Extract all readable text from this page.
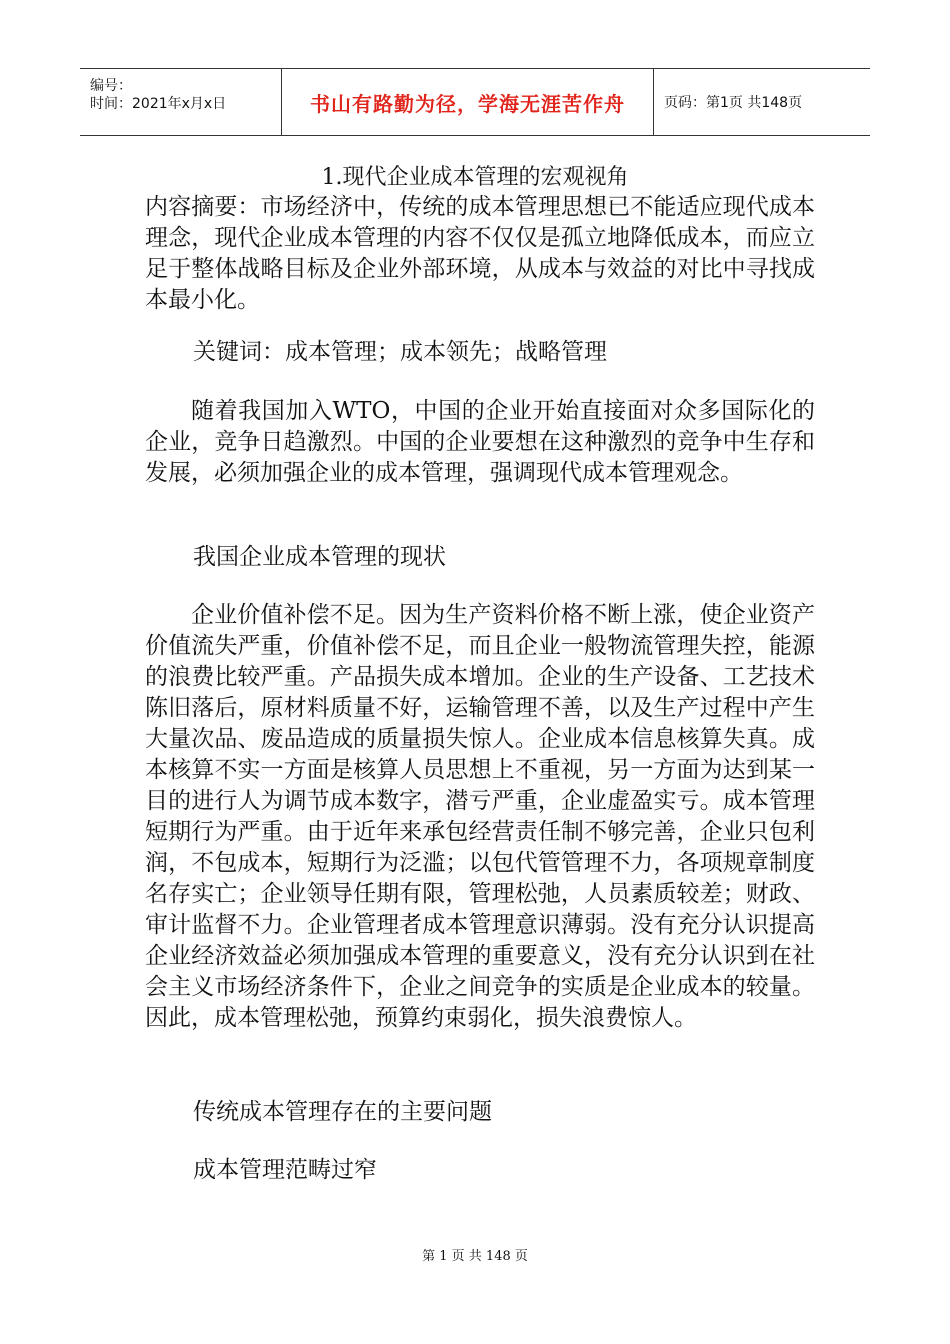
编号：
时间：2021年x月x日	书山有路勤为径，学海无涯苦作舟	页码：第1页 共148页
1.现代企业成本管理的宏观视角
内容摘要：市场经济中，传统的成本管理思想已不能适应现代成本理念，现代企业成本管理的内容不仅仅是孤立地降低成本，而应立足于整体战略目标及企业外部环境，从成本与效益的对比中寻找成本最小化。
关键词：成本管理；成本领先；战略管理
随着我国加入WTO，中国的企业开始直接面对众多国际化的企业，竞争日趋激烈。中国的企业要想在这种激烈的竞争中生存和发展，必须加强企业的成本管理，强调现代成本管理观念。
我国企业成本管理的现状
企业价值补偿不足。因为生产资料价格不断上涨，使企业资产价值流失严重，价值补偿不足，而且企业一般物流管理失控，能源的浪费比较严重。产品损失成本增加。企业的生产设备、工艺技术陈旧落后，原材料质量不好，运输管理不善，以及生产过程中产生大量次品、废品造成的质量损失惊人。企业成本信息核算失真。成本核算不实一方面是核算人员思想上不重视，另一方面为达到某一目的进行人为调节成本数字，潜亏严重，企业虚盈实亏。成本管理短期行为严重。由于近年来承包经营责任制不够完善，企业只包利润，不包成本，短期行为泛滥；以包代管管理不力，各项规章制度名存实亡；企业领导任期有限，管理松弛，人员素质较差；财政、审计监督不力。企业管理者成本管理意识薄弱。没有充分认识提高企业经济效益必须加强成本管理的重要意义，没有充分认识到在社会主义市场经济条件下，企业之间竞争的实质是企业成本的较量。因此，成本管理松弛，预算约束弱化，损失浪费惊人。
传统成本管理存在的主要问题
成本管理范畴过窄
第 1 页 共 148 页
